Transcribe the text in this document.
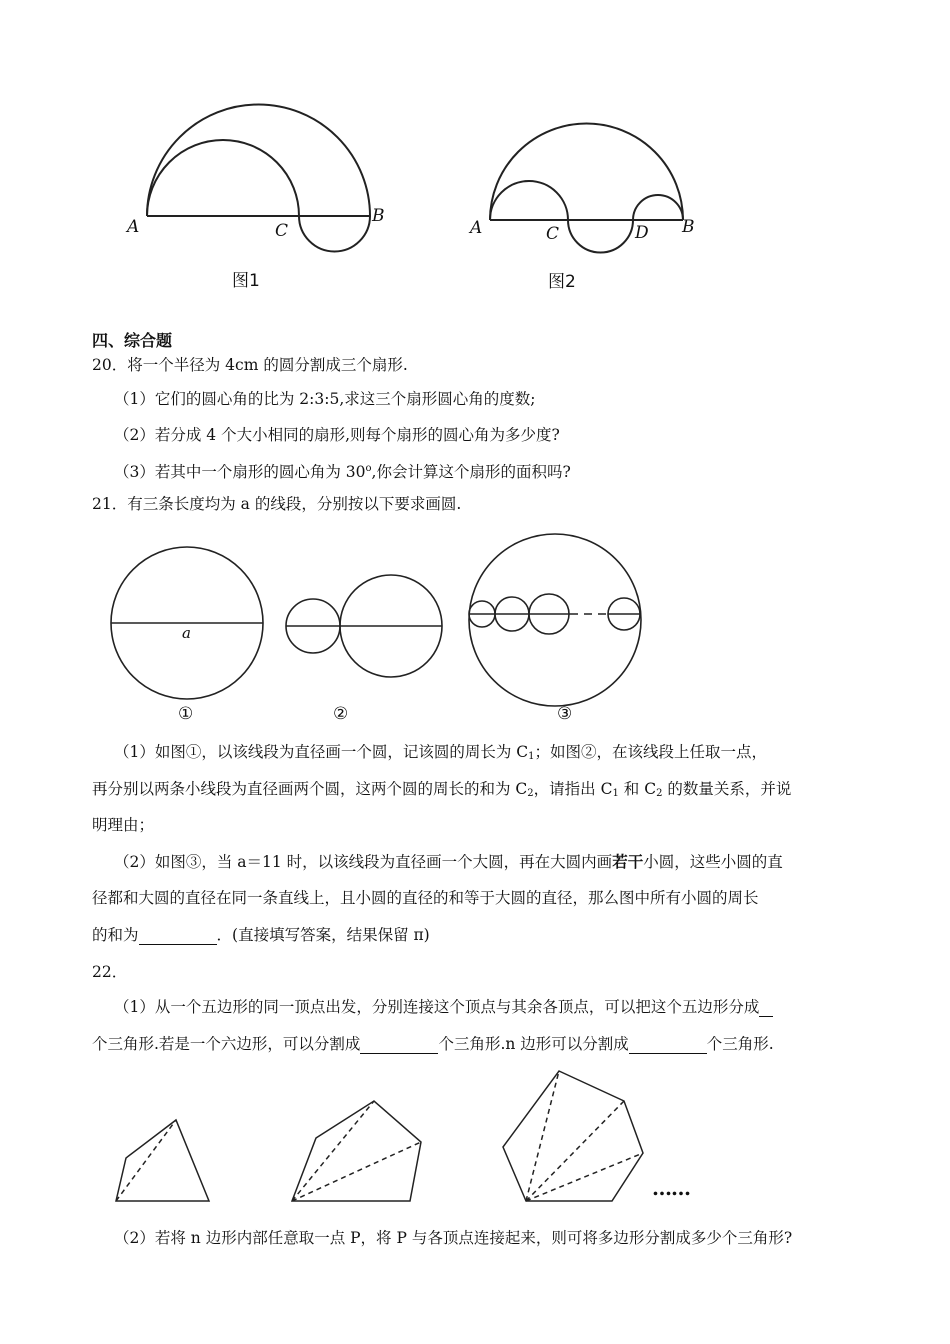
A	C
B
图1
A	C	D B
图2
四、综合题
20．将一个半径为 4cm 的圆分割成三个扇形.
（1）它们的圆心角的比为 2:3:5,求这三个扇形圆心角的度数;
（2）若分成 4 个大小相同的扇形,则每个扇形的圆心角为多少度?
（3）若其中一个扇形的圆心角为 30$^o$,你会计算这个扇形的面积吗?
21．有三条长度均为 a 的线段，分别按以下要求画圆.
a
①	②	③
（1）如图①，以该线段为直径画一个圆，记该圆的周长为 $C_1$；如图②，在该线段上任取一点，
再分别以两条小线段为直径画两个圆，这两个圆的周长的和为 $C_2$，请指出 $C_1$ 和 $C_2$ 的数量关系，并说
明理由；
（2）如图③，当 a＝11 时，以该线段为直径画一个大圆，再在大圆内画若干小圆，这些小圆的直
径都和大圆的直径在同一条直线上，且小圆的直径的和等于大圆的直径，那么图中所有小圆的周长
的和为	．(直接填写答案，结果保留 π)
22．
（1）从一个五边形的同一顶点出发，分别连接这个顶点与其余各顶点，可以把这个五边形分成
个三角形.若是一个六边形，可以分割成	个三角形.n 边形可以分割成	个三角形.
……
（2）若将 n 边形内部任意取一点 P，将 P 与各顶点连接起来，则可将多边形分割成多少个三角形?
